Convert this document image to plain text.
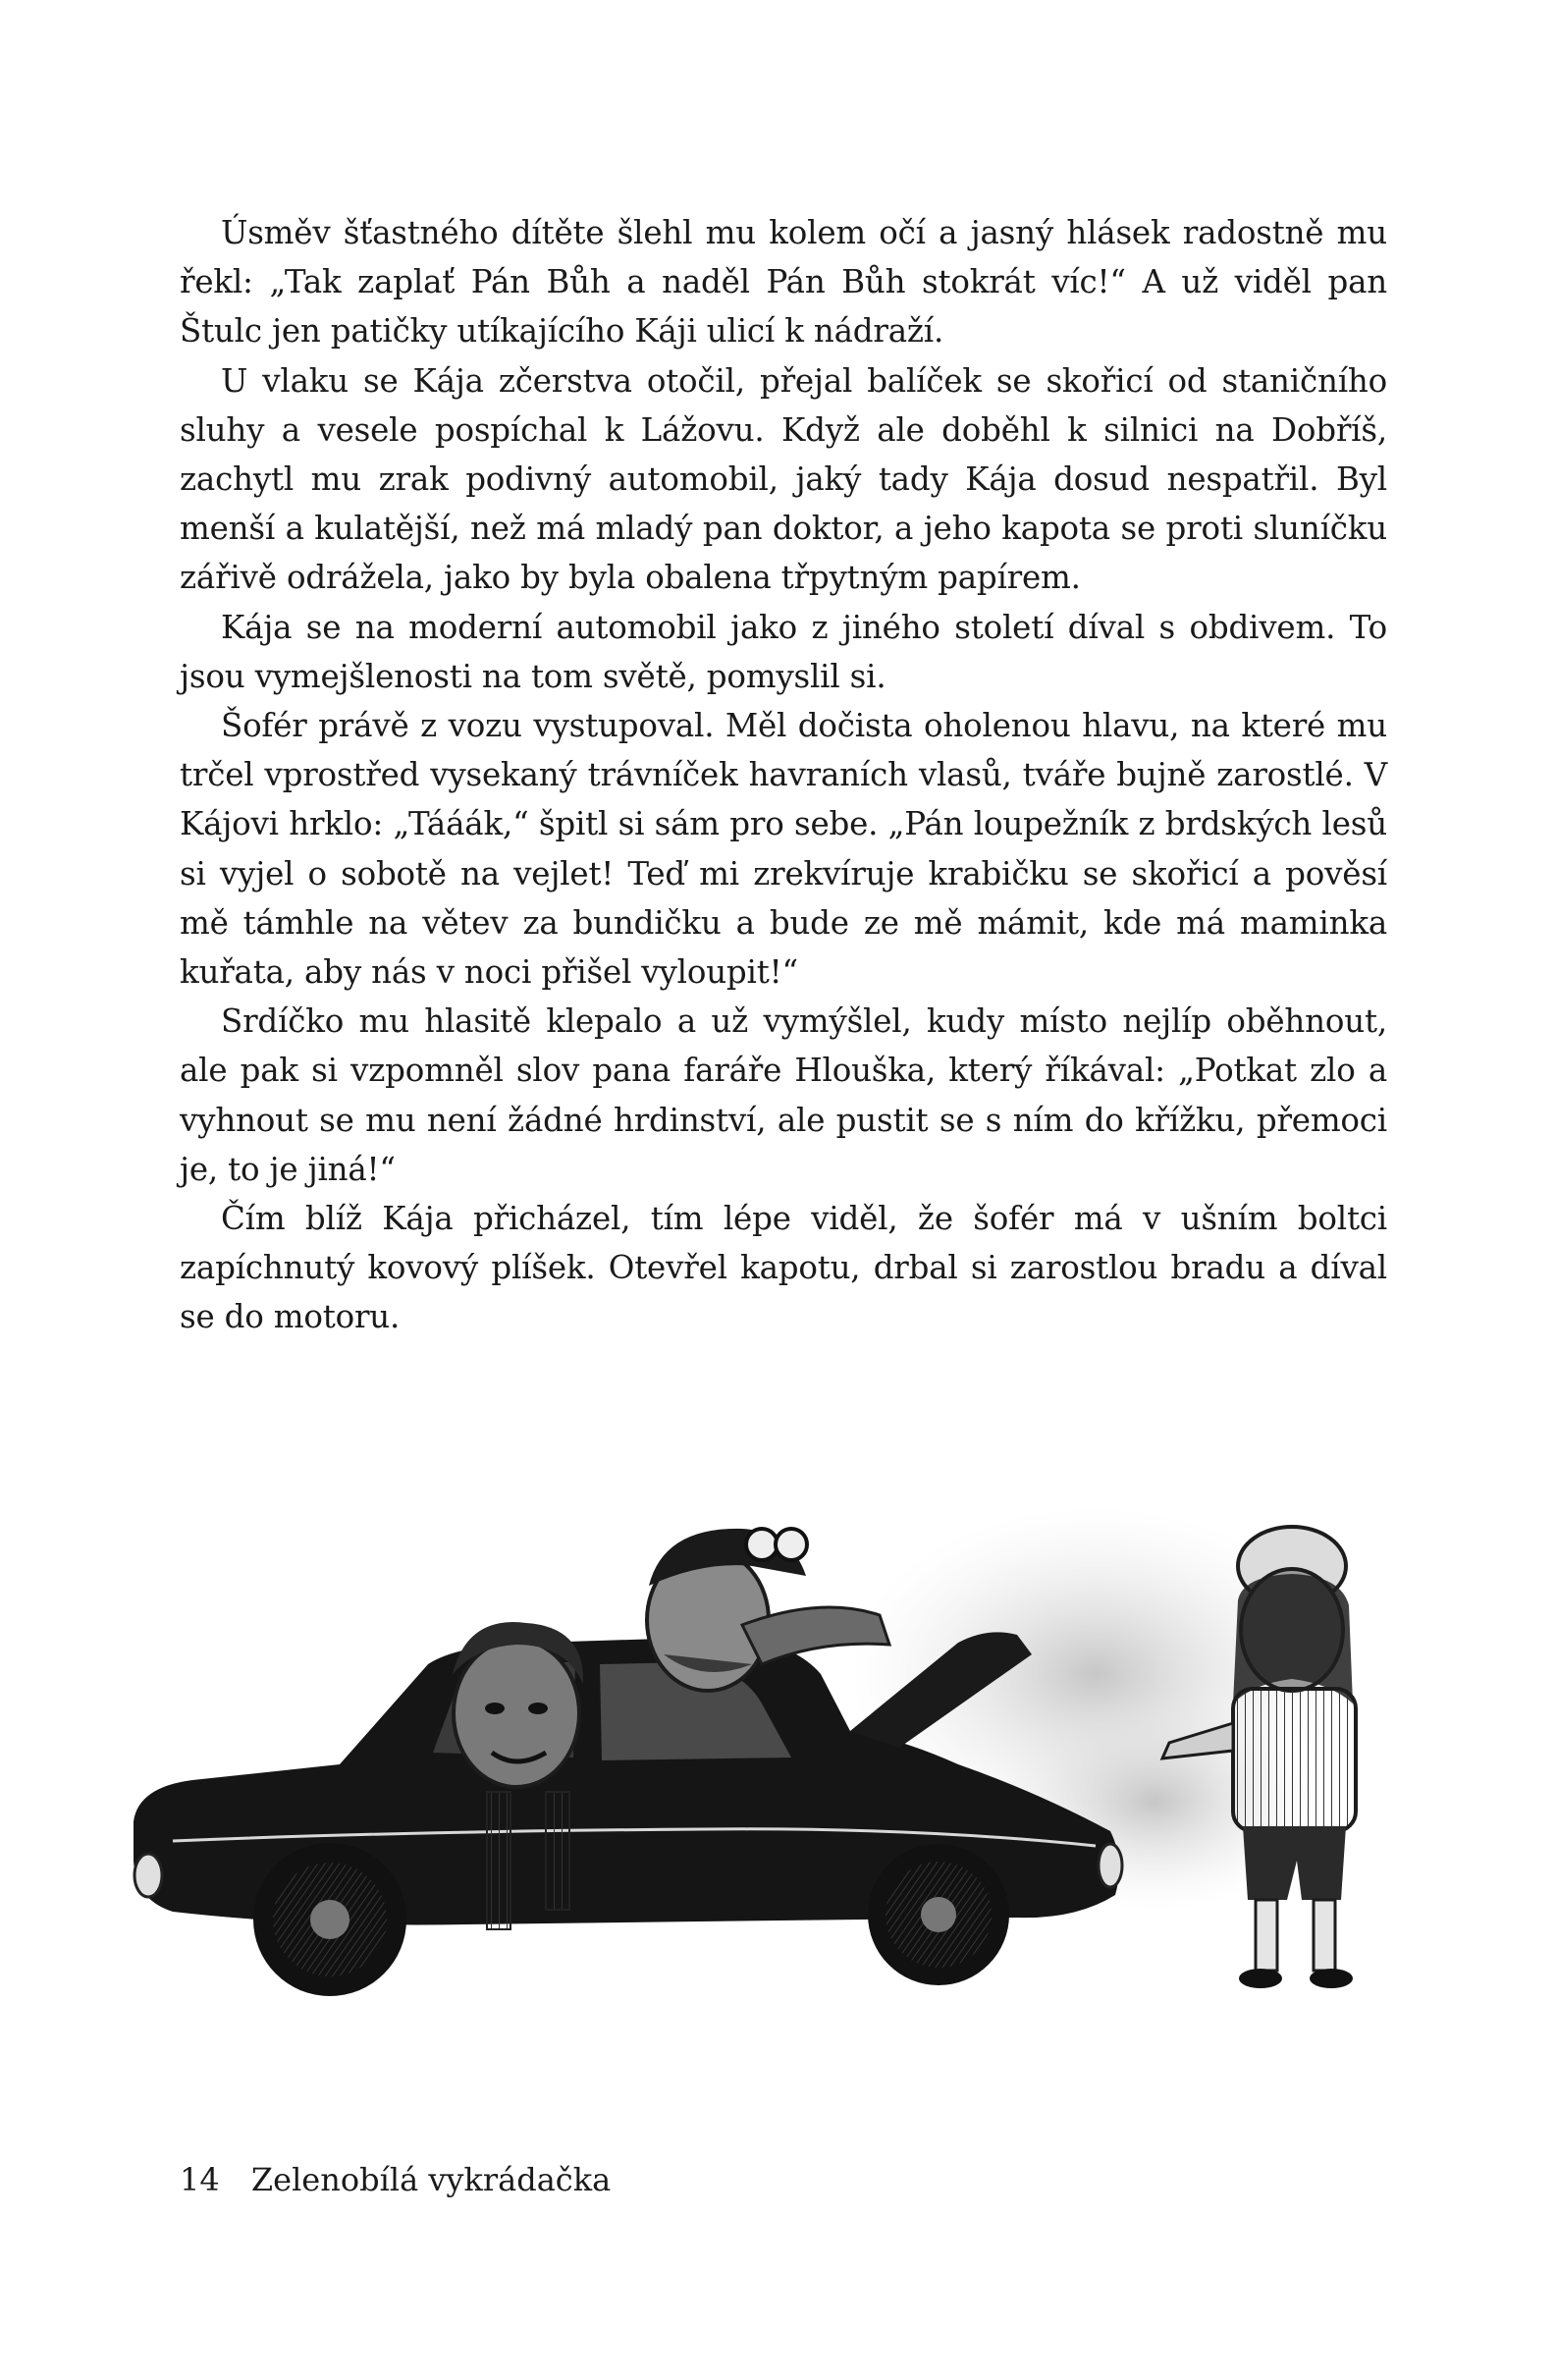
Úsměv šťastného dítěte šlehl mu kolem očí a jasný hlásek radostně mu řekl: „Tak zaplať Pán Bůh a naděl Pán Bůh stokrát víc!“ A už viděl pan Štulc jen patičky utíkajícího Káji ulicí k nádraží.

U vlaku se Kája zčerstva otočil, přejal balíček se skořicí od staničního sluhy a vesele pospíchal k Lážovu. Když ale doběhl k silnici na Dobříš, zachytl mu zrak podivný automobil, jaký tady Kája dosud nespatřil. Byl menší a kulatější, než má mladý pan doktor, a jeho kapota se proti sluníčku zářivě odrážela, jako by byla obalena třpytným papírem.

Kája se na moderní automobil jako z jiného století díval s obdivem. To jsou vymejšlenosti na tom světě, pomyslil si.

Šofér právě z vozu vystupoval. Měl dočista oholenou hlavu, na které mu trčel vprostřed vysekaný trávníček havraních vlasů, tváře bujně zarostlé. V Kájovi hrklo: „Tááák,“ špitl si sám pro sebe. „Pán loupežník z brdských lesů si vyjel o sobotě na vejlet! Teď mi zrekvíruje krabičku se skořicí a pověsí mě támhle na větev za bundičku a bude ze mě mámit, kde má maminka kuřata, aby nás v noci přišel vyloupit!“

Srdíčko mu hlasitě klepalo a už vymýšlel, kudy místo nejlíp oběhnout, ale pak si vzpomněl slov pana faráře Hlouška, který říkával: „Potkat zlo a vyhnout se mu není žádné hrdinství, ale pustit se s ním do křížku, přemoci je, to je jiná!“

Čím blíž Kája přicházel, tím lépe viděl, že šofér má v ušním boltci zapíchnutý kovový plíšek. Otevřel kapotu, drbal si zarostlou bradu a díval se do motoru.

14 Zelenobílá vykrádačka
